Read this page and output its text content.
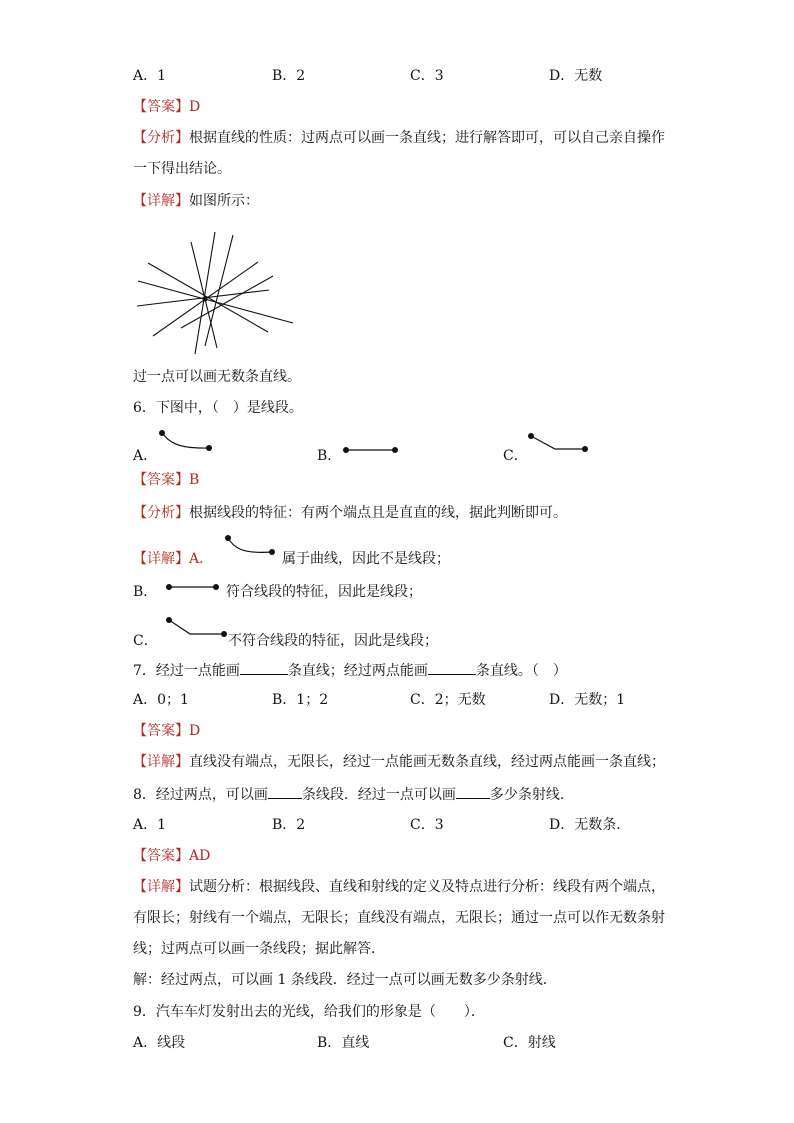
A．1	B．2	C．3	D．无数
【答案】D
【分析】根据直线的性质：过两点可以画一条直线；进行解答即可，可以自己亲自操作
一下得出结论。
【详解】如图所示：
过一点可以画无数条直线。
6．下图中，（　）是线段。
A．	B．	C．
【答案】B
【分析】根据线段的特征：有两个端点且是直直的线，据此判断即可。
【详解】A．	属于曲线，因此不是线段；
B．	符合线段的特征，因此是线段；
C．	不符合线段的特征，因此是线段；
7．经过一点能画	条直线；经过两点能画	条直线。（　）
A．0；1	B．1；2	C．2；无数	D．无数；1
【答案】D
【详解】直线没有端点，无限长，经过一点能画无数条直线，经过两点能画一条直线；
8．经过两点，可以画 条线段．经过一点可以画 多少条射线．
A．1	B．2	C．3	D．无数条．
【答案】AD
【详解】试题分析：根据线段、直线和射线的定义及特点进行分析：线段有两个端点，
有限长；射线有一个端点，无限长；直线没有端点，无限长；通过一点可以作无数条射
线；过两点可以画一条线段；据此解答．
解：经过两点，可以画 1 条线段．经过一点可以画无数多少条射线．
9．汽车车灯发射出去的光线，给我们的形象是（　　）．
A．线段	B．直线	C．射线
